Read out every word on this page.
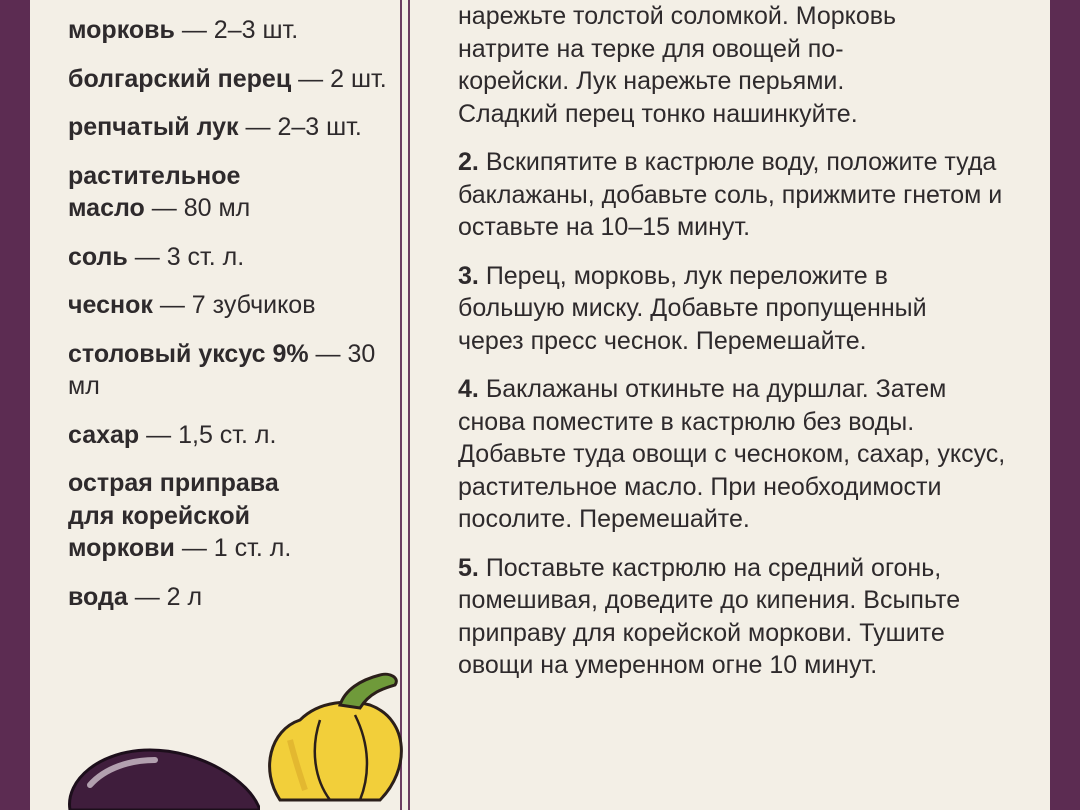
морковь — 2–3 шт.

болгарский перец — 2 шт.

репчатый лук — 2–3 шт.

растительное масло — 80 мл

соль — 3 ст. л.

чеснок — 7 зубчиков

столовый уксус 9% — 30 мл

сахар — 1,5 ст. л.

острая приправа для корейской моркови — 1 ст. л.

вода — 2 л

нарежьте толстой соломкой. Морковь натрите на терке для овощей по-корейски. Лук нарежьте перьями. Сладкий перец тонко нашинкуйте.

2. Вскипятите в кастрюле воду, положите туда баклажаны, добавьте соль, прижмите гнетом и оставьте на 10–15 минут.

3. Перец, морковь, лук переложите в большую миску. Добавьте пропущенный через пресс чеснок. Перемешайте.

4. Баклажаны откиньте на дуршлаг. Затем снова поместите в кастрюлю без воды. Добавьте туда овощи с чесноком, сахар, уксус, растительное масло. При необходимости посолите. Перемешайте.

5. Поставьте кастрюлю на средний огонь, помешивая, доведите до кипения. Всыпьте приправу для корейской моркови. Тушите овощи на умеренном огне 10 минут.
